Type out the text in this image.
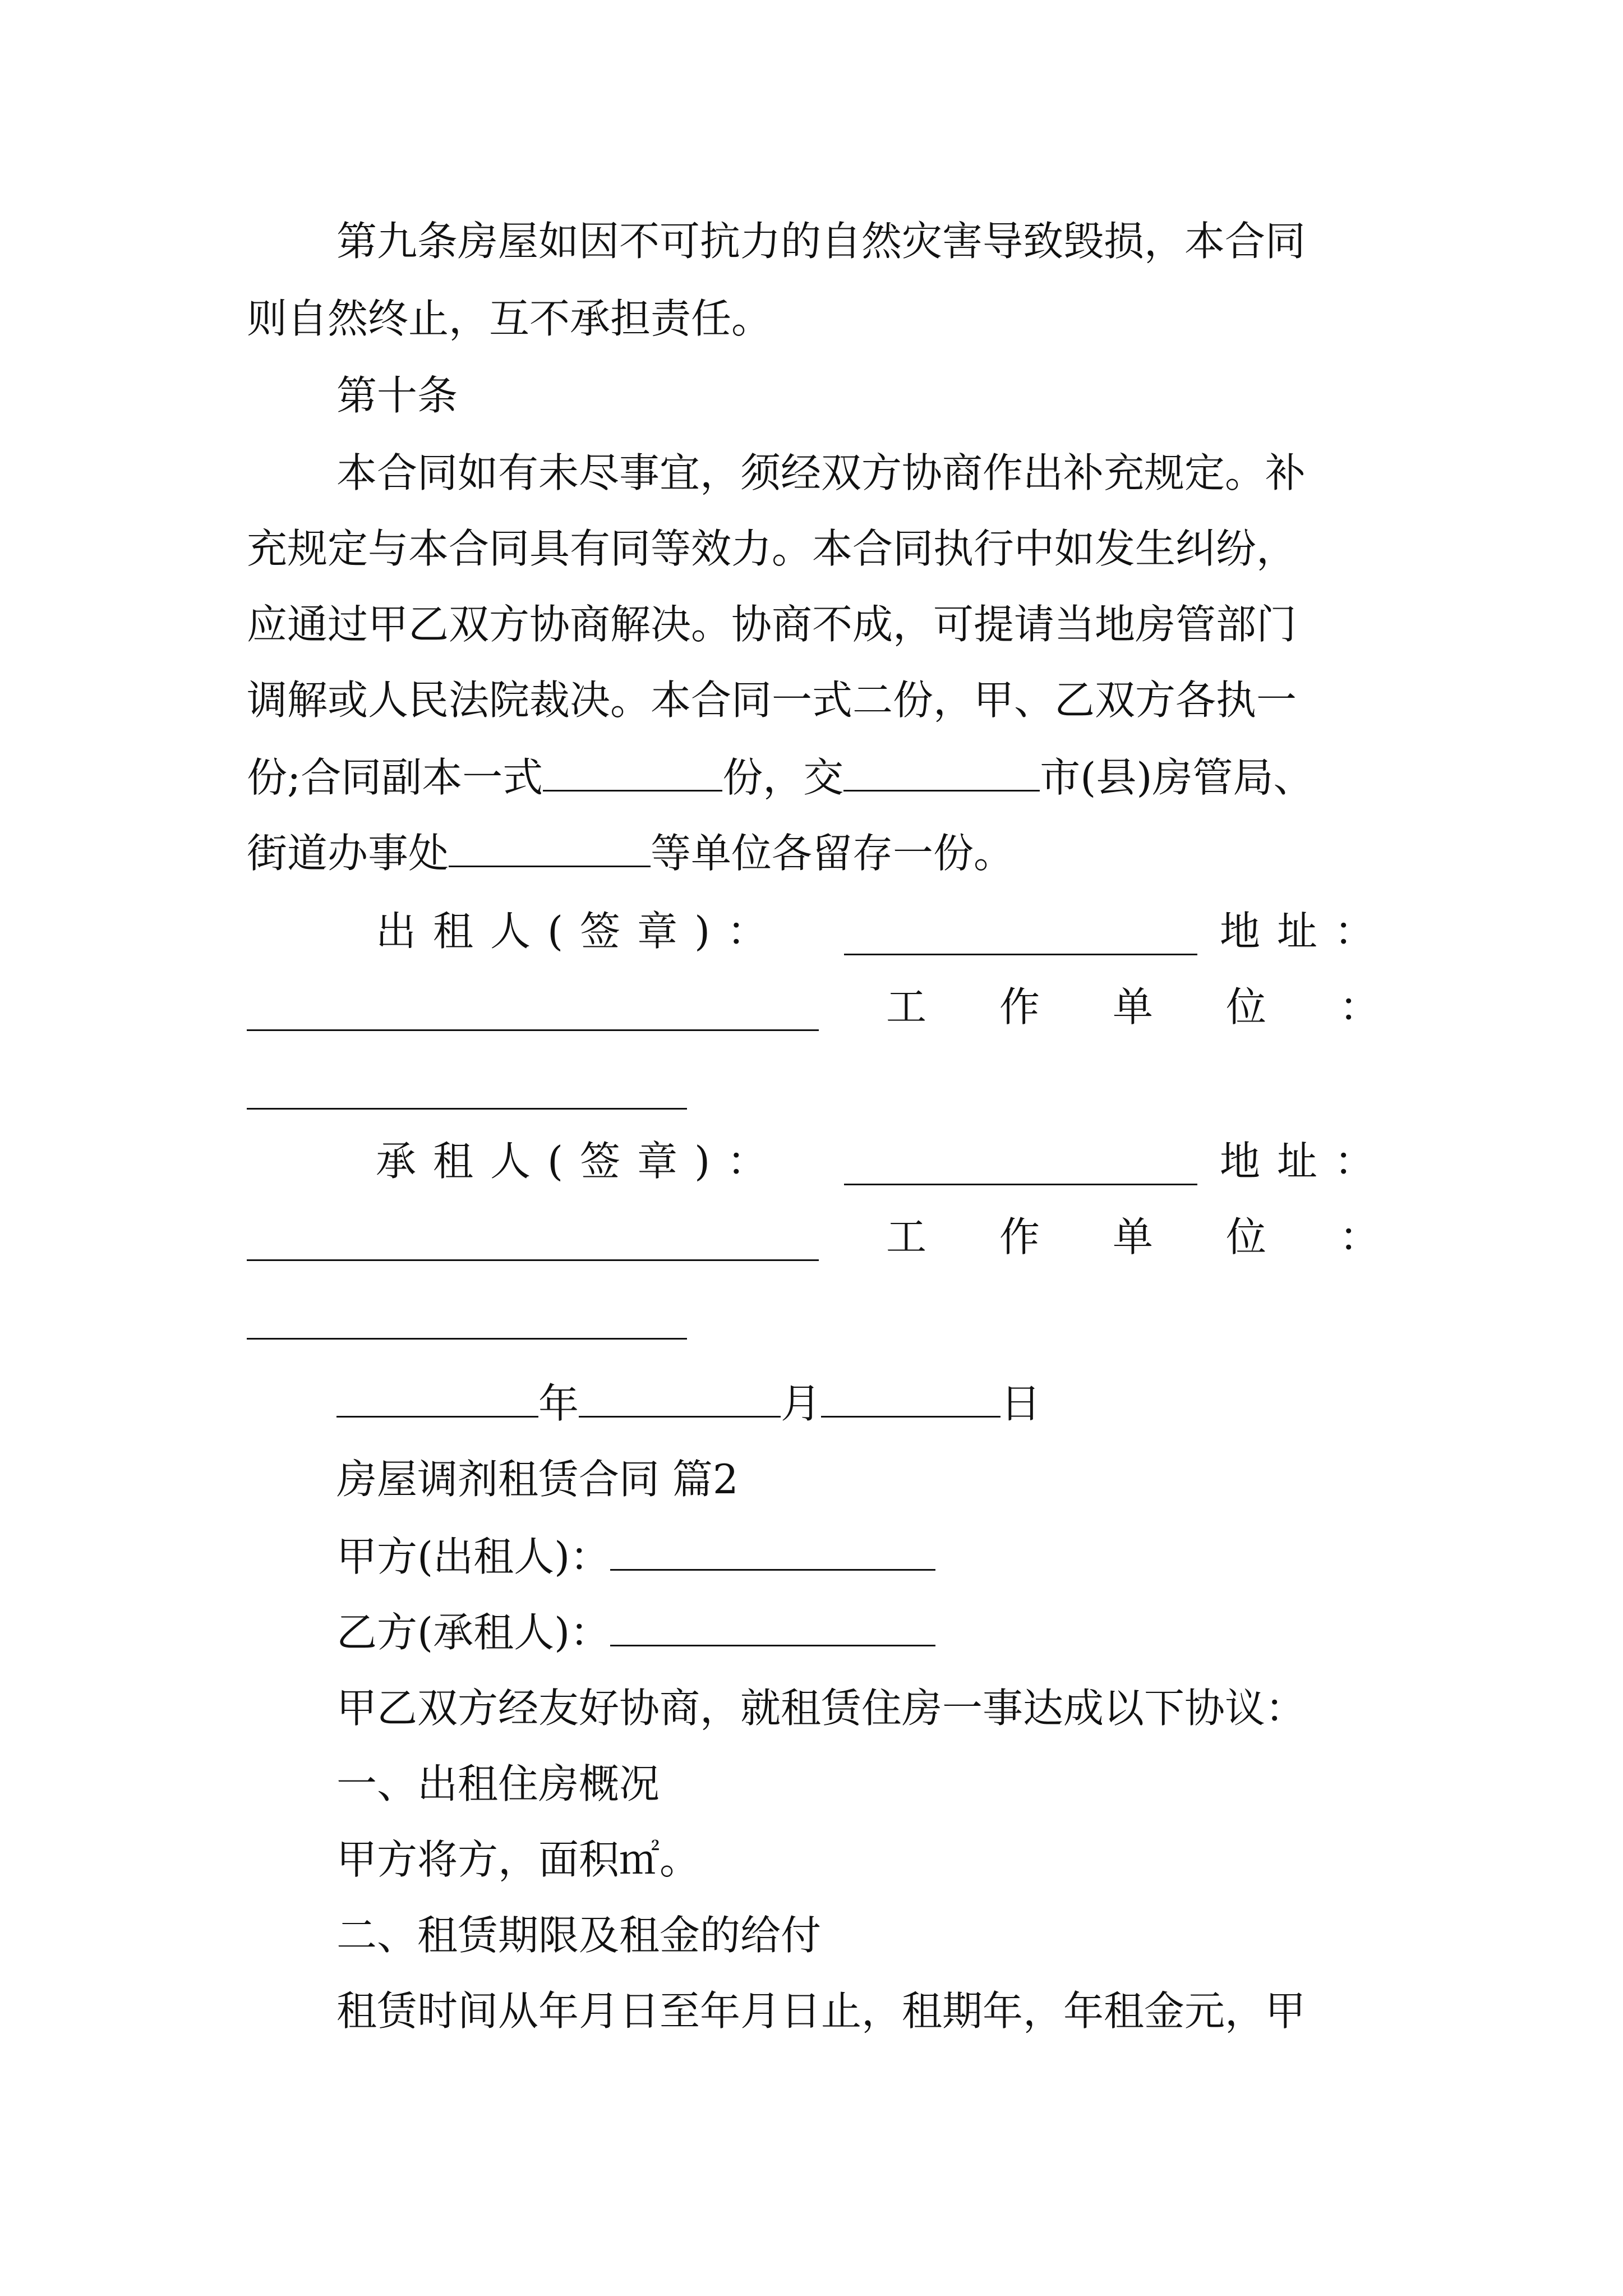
第九条房屋如因不可抗力的自然灾害导致毁损，本合同
则自然终止，互不承担责任。
第十条
本合同如有未尽事宜，须经双方协商作出补充规定。补
充规定与本合同具有同等效力。本合同执行中如发生纠纷，
应通过甲乙双方协商解决。协商不成，可提请当地房管部门
调解或人民法院裁决。本合同一式二份，甲、乙双方各执一
份;合同副本一式	份，交	市(县)房管局、
街道办事处	等单位各留存一份。
出租人(签章)：	地址：
工作单位：
承租人(签章)：	地址：
工作单位：
年	月	日
房屋调剂租赁合同 篇2
甲方(出租人)：
乙方(承租人)：
甲乙双方经友好协商，就租赁住房一事达成以下协议：
一、出租住房概况
甲方将方，面积㎡。
二、租赁期限及租金的给付
租赁时间从年月日至年月日止，租期年，年租金元，甲
